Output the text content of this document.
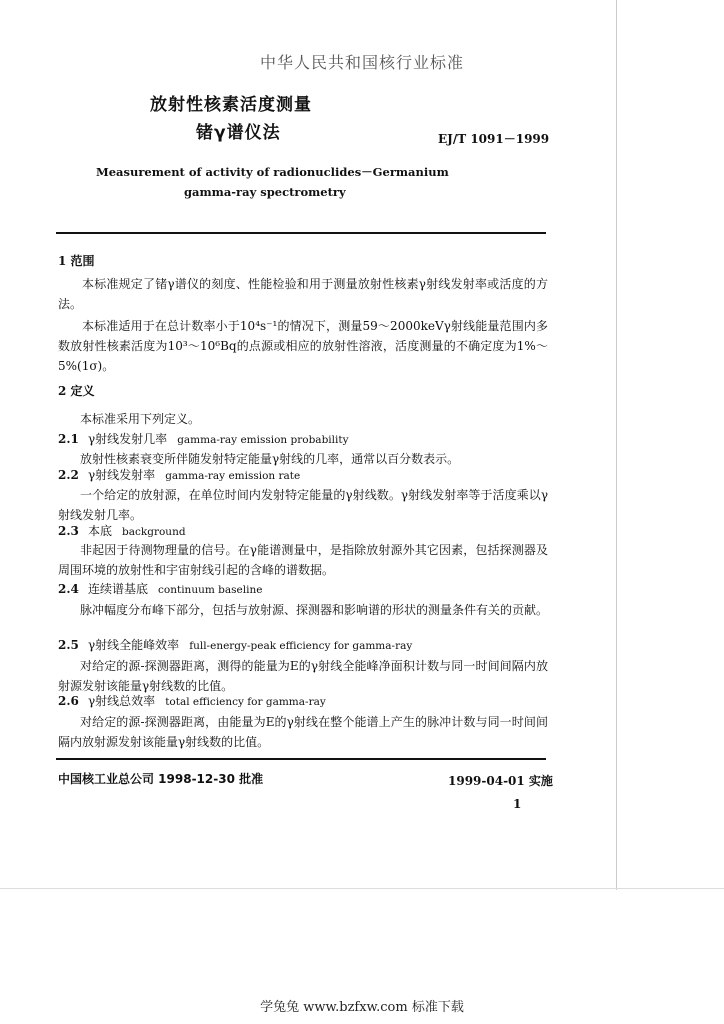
中华人民共和国核行业标准
放射性核素活度测量
锗γ谱仪法	EJ/T 1091－1999
Measurement of activity of radionuclides－Germanium
gamma-ray spectrometry
1 范围
本标准规定了锗γ谱仪的刻度、性能检验和用于测量放射性核素γ射线发射率或活度的方法。
本标准适用于在总计数率小于10⁴s⁻¹的情况下，测量59～2000keVγ射线能量范围内多数放射性核素活度为10³～10⁶Bq的点源或相应的放射性溶液，活度测量的不确定度为1%～5%(1σ)。
2 定义
本标准采用下列定义。
2.1 γ射线发射几率 gamma-ray emission probability
放射性核素衰变所伴随发射特定能量γ射线的几率，通常以百分数表示。
2.2 γ射线发射率 gamma-ray emission rate
一个给定的放射源，在单位时间内发射特定能量的γ射线数。γ射线发射率等于活度乘以γ射线发射几率。
2.3 本底 background
非起因于待测物理量的信号。在γ能谱测量中，是指除放射源外其它因素，包括探测器及周围环境的放射性和宇宙射线引起的含峰的谱数据。
2.4 连续谱基底 continuum baseline
脉冲幅度分布峰下部分，包括与放射源、探测器和影响谱的形状的测量条件有关的贡献。
2.5 γ射线全能峰效率 full-energy-peak efficiency for gamma-ray
对给定的源-探测器距离，测得的能量为E的γ射线全能峰净面积计数与同一时间间隔内放射源发射该能量γ射线数的比值。
2.6 γ射线总效率 total efficiency for gamma-ray
对给定的源-探测器距离，由能量为E的γ射线在整个能谱上产生的脉冲计数与同一时间间隔内放射源发射该能量γ射线数的比值。
中国核工业总公司 1998-12-30 批准	1999-04-01 实施
1
学兔兔 www.bzfxw.com 标准下载
